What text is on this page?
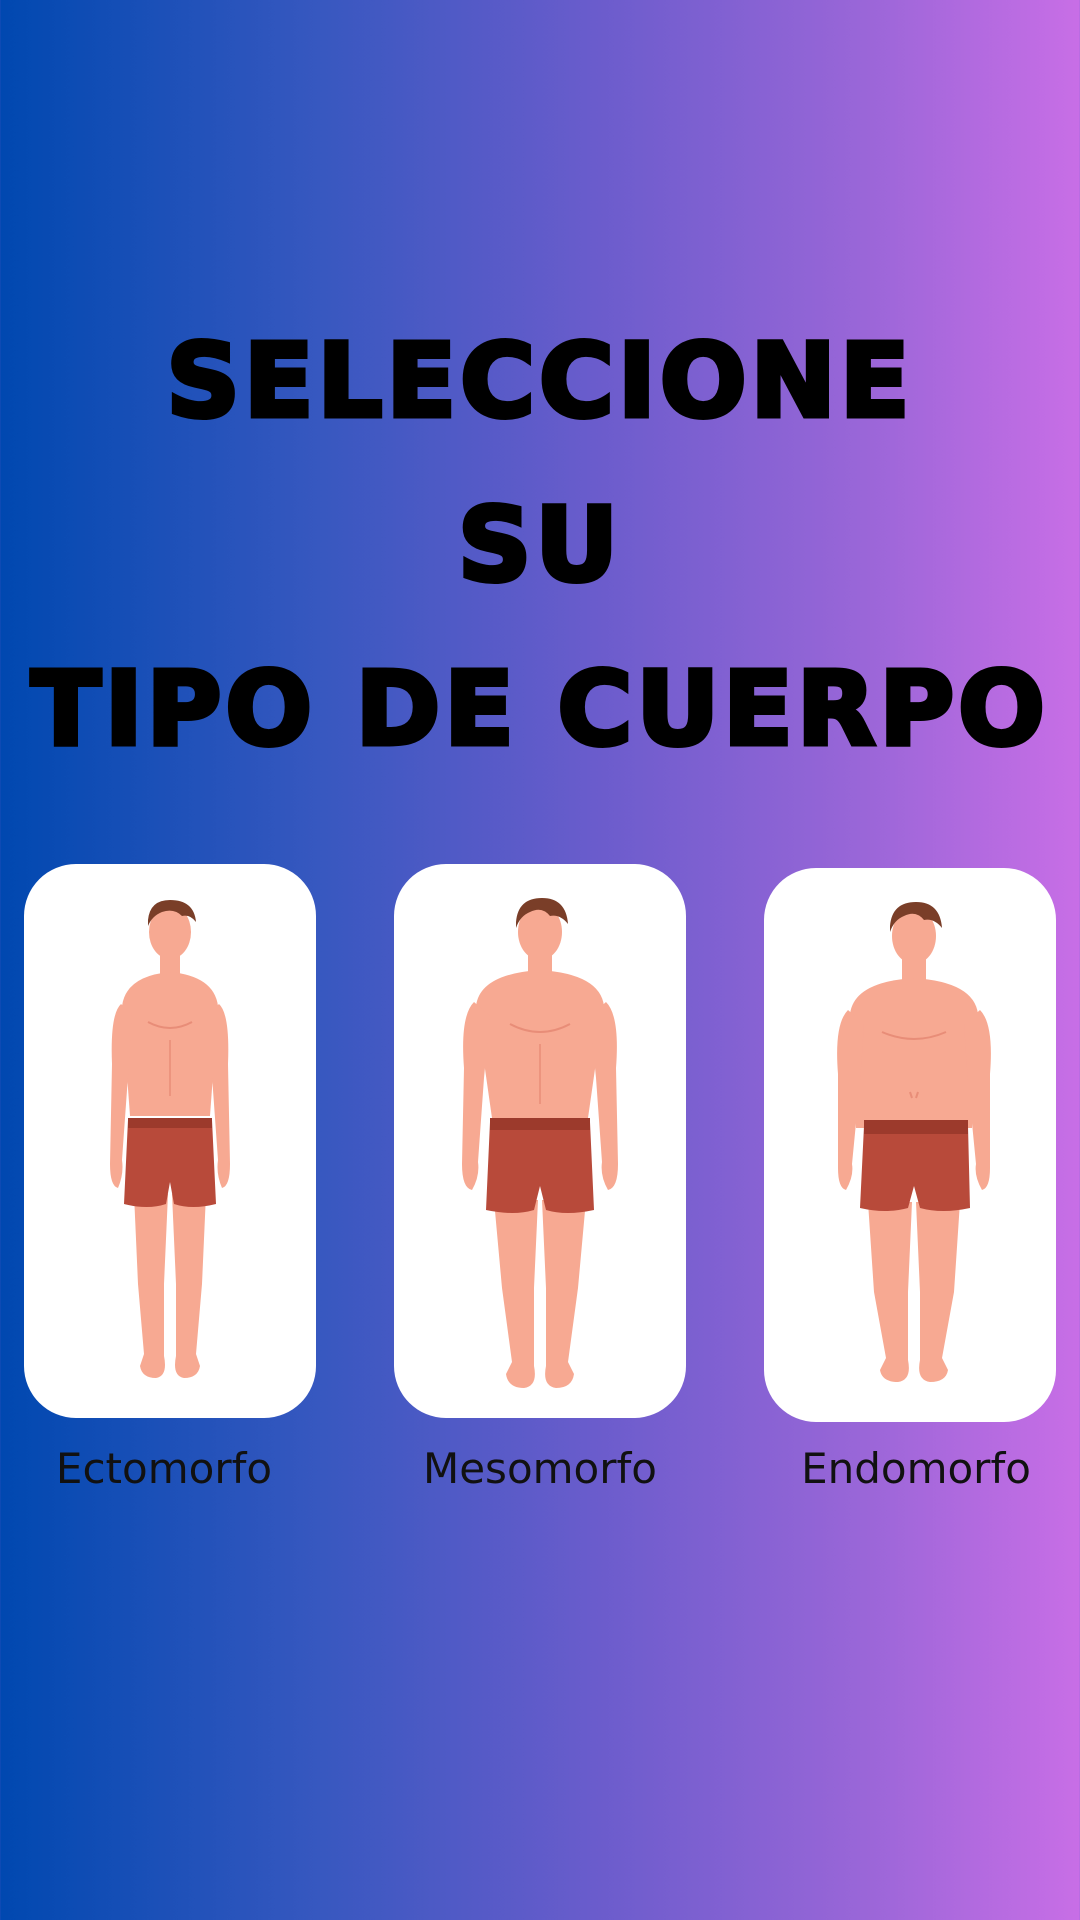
SELECCIONE
SU
TIPO DE CUERPO
Ectomorfo	Mesomorfo	Endomorfo
